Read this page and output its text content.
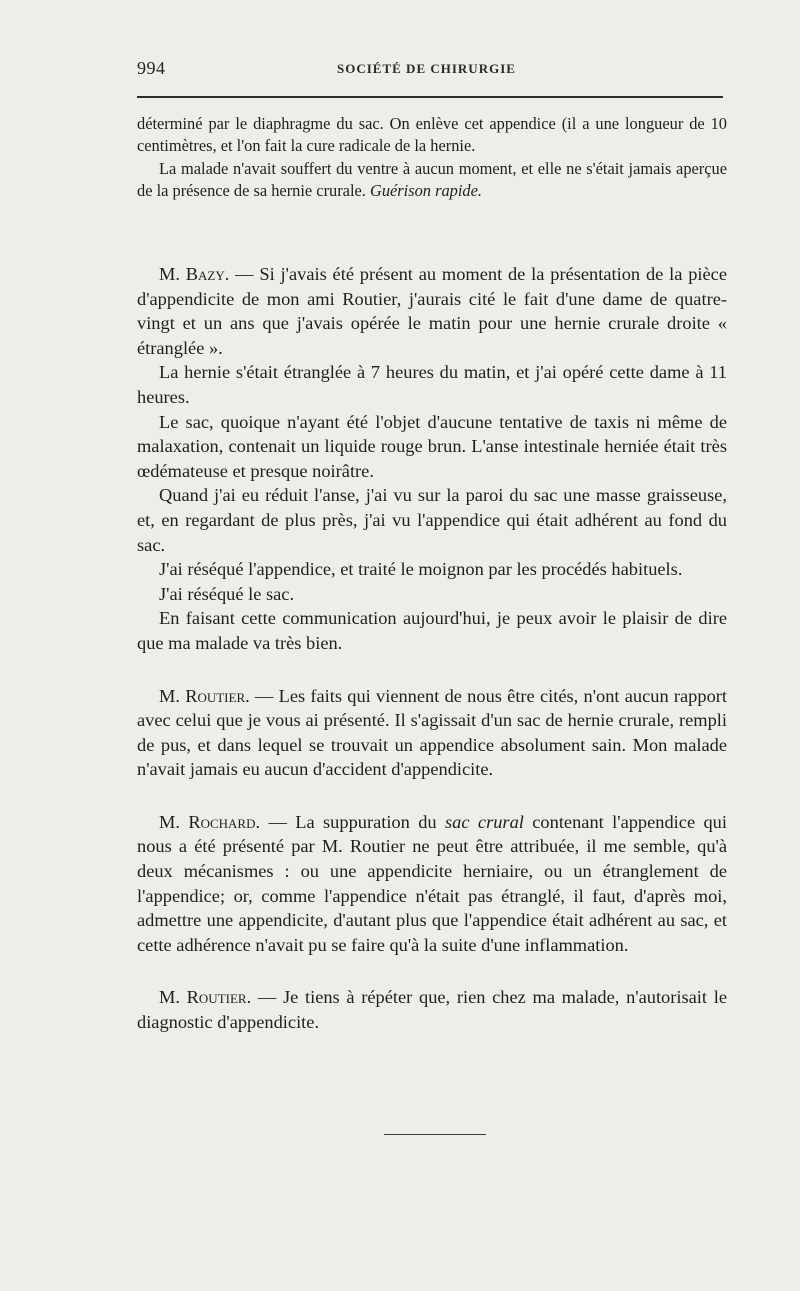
994	SOCIÉTÉ DE CHIRURGIE

déterminé par le diaphragme du sac. On enlève cet appendice (il a une longueur de 10 centimètres, et l'on fait la cure radicale de la hernie.

La malade n'avait souffert du ventre à aucun moment, et elle ne s'était jamais aperçue de la présence de sa hernie crurale. Guérison rapide.

M. Bazy. — Si j'avais été présent au moment de la présentation de la pièce d'appendicite de mon ami Routier, j'aurais cité le fait d'une dame de quatre-vingt et un ans que j'avais opérée le matin pour une hernie crurale droite « étranglée ».

La hernie s'était étranglée à 7 heures du matin, et j'ai opéré cette dame à 11 heures.

Le sac, quoique n'ayant été l'objet d'aucune tentative de taxis ni même de malaxation, contenait un liquide rouge brun. L'anse intestinale herniée était très œdémateuse et presque noirâtre.

Quand j'ai eu réduit l'anse, j'ai vu sur la paroi du sac une masse graisseuse, et, en regardant de plus près, j'ai vu l'appendice qui était adhérent au fond du sac.

J'ai réséqué l'appendice, et traité le moignon par les procédés habituels.

J'ai réséqué le sac.

En faisant cette communication aujourd'hui, je peux avoir le plaisir de dire que ma malade va très bien.

M. Routier. — Les faits qui viennent de nous être cités, n'ont aucun rapport avec celui que je vous ai présenté. Il s'agissait d'un sac de hernie crurale, rempli de pus, et dans lequel se trouvait un appendice absolument sain. Mon malade n'avait jamais eu aucun d'accident d'appendicite.

M. Rochard. — La suppuration du sac crural contenant l'appendice qui nous a été présenté par M. Routier ne peut être attribuée, il me semble, qu'à deux mécanismes : ou une appendicite herniaire, ou un étranglement de l'appendice; or, comme l'appendice n'était pas étranglé, il faut, d'après moi, admettre une appendicite, d'autant plus que l'appendice était adhérent au sac, et cette adhérence n'avait pu se faire qu'à la suite d'une inflammation.

M. Routier. — Je tiens à répéter que, rien chez ma malade, n'autorisait le diagnostic d'appendicite.
